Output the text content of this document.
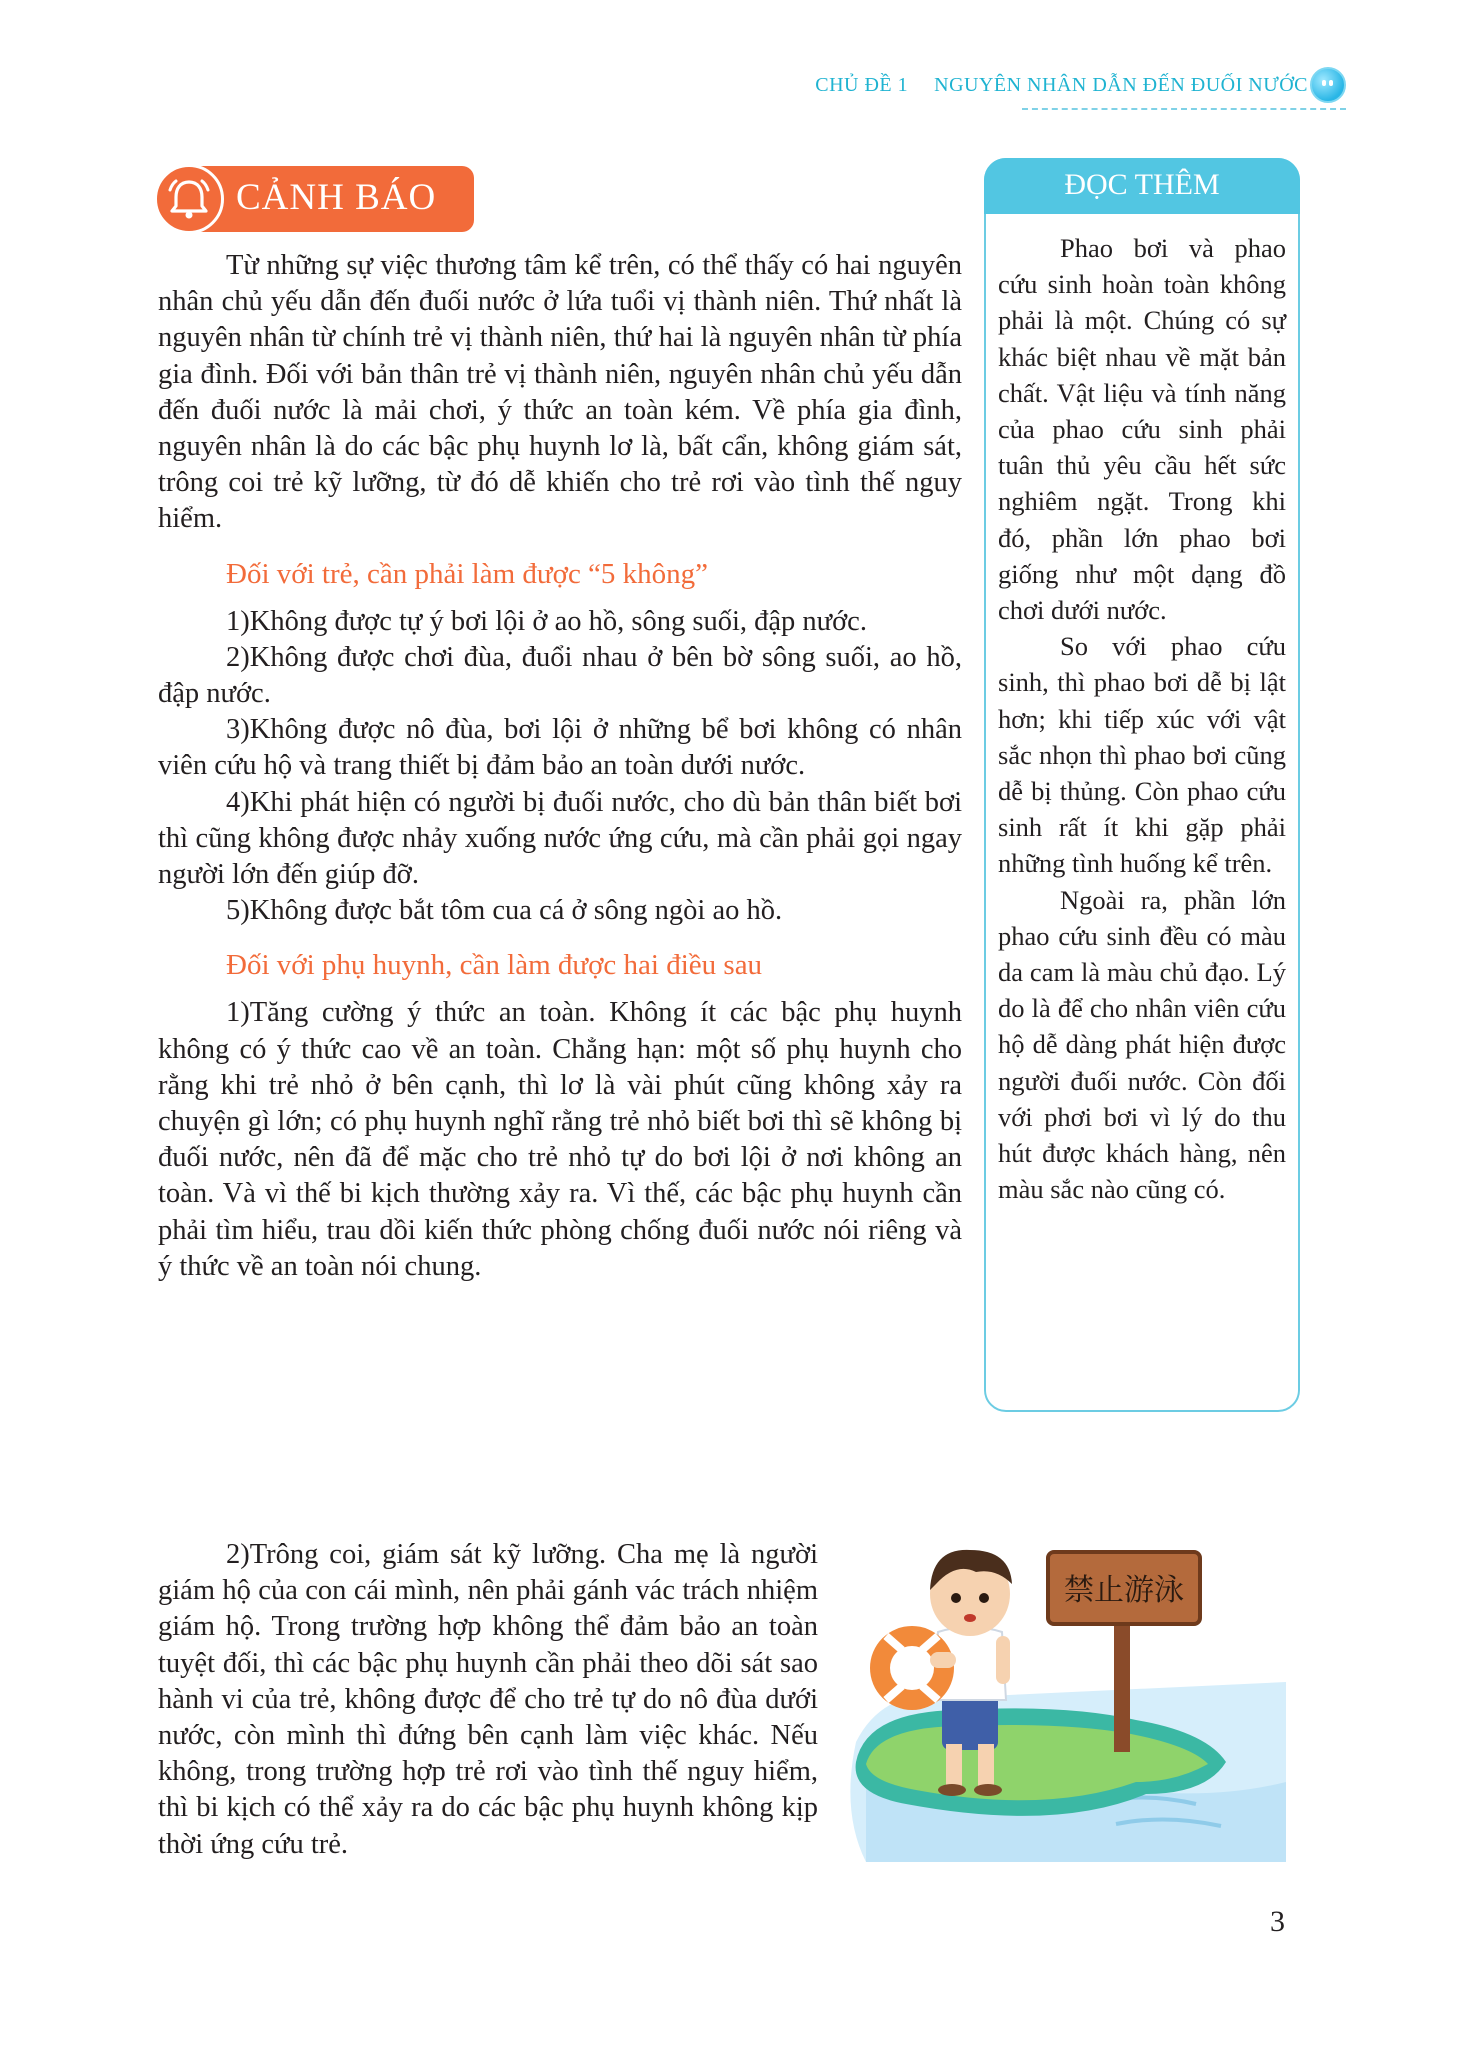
CHỦ ĐỀ 1 NGUYÊN NHÂN DẪN ĐẾN ĐUỐI NƯỚC
CẢNH BÁO

Từ những sự việc thương tâm kể trên, có thể thấy có hai nguyên nhân chủ yếu dẫn đến đuối nước ở lứa tuổi vị thành niên. Thứ nhất là nguyên nhân từ chính trẻ vị thành niên, thứ hai là nguyên nhân từ phía gia đình. Đối với bản thân trẻ vị thành niên, nguyên nhân chủ yếu dẫn đến đuối nước là mải chơi, ý thức an toàn kém. Về phía gia đình, nguyên nhân là do các bậc phụ huynh lơ là, bất cẩn, không giám sát, trông coi trẻ kỹ lưỡng, từ đó dễ khiến cho trẻ rơi vào tình thế nguy hiểm.

Đối với trẻ, cần phải làm được “5 không”

1)Không được tự ý bơi lội ở ao hồ, sông suối, đập nước.

2)Không được chơi đùa, đuổi nhau ở bên bờ sông suối, ao hồ, đập nước.

3)Không được nô đùa, bơi lội ở những bể bơi không có nhân viên cứu hộ và trang thiết bị đảm bảo an toàn dưới nước.

4)Khi phát hiện có người bị đuối nước, cho dù bản thân biết bơi thì cũng không được nhảy xuống nước ứng cứu, mà cần phải gọi ngay người lớn đến giúp đỡ.

5)Không được bắt tôm cua cá ở sông ngòi ao hồ.

Đối với phụ huynh, cần làm được hai điều sau

1)Tăng cường ý thức an toàn. Không ít các bậc phụ huynh không có ý thức cao về an toàn. Chẳng hạn: một số phụ huynh cho rằng khi trẻ nhỏ ở bên cạnh, thì lơ là vài phút cũng không xảy ra chuyện gì lớn; có phụ huynh nghĩ rằng trẻ nhỏ biết bơi thì sẽ không bị đuối nước, nên đã để mặc cho trẻ nhỏ tự do bơi lội ở nơi không an toàn. Và vì thế bi kịch thường xảy ra. Vì thế, các bậc phụ huynh cần phải tìm hiểu, trau dồi kiến thức phòng chống đuối nước nói riêng và ý thức về an toàn nói chung.

2)Trông coi, giám sát kỹ lưỡng. Cha mẹ là người giám hộ của con cái mình, nên phải gánh vác trách nhiệm giám hộ. Trong trường hợp không thể đảm bảo an toàn tuyệt đối, thì các bậc phụ huynh cần phải theo dõi sát sao hành vi của trẻ, không được để cho trẻ tự do nô đùa dưới nước, còn mình thì đứng bên cạnh làm việc khác. Nếu không, trong trường hợp trẻ rơi vào tình thế nguy hiểm, thì bi kịch có thể xảy ra do các bậc phụ huynh không kịp thời ứng cứu trẻ.

ĐỌC THÊM

Phao bơi và phao cứu sinh hoàn toàn không phải là một. Chúng có sự khác biệt nhau về mặt bản chất. Vật liệu và tính năng của phao cứu sinh phải tuân thủ yêu cầu hết sức nghiêm ngặt. Trong khi đó, phần lớn phao bơi giống như một dạng đồ chơi dưới nước.

So với phao cứu sinh, thì phao bơi dễ bị lật hơn; khi tiếp xúc với vật sắc nhọn thì phao bơi cũng dễ bị thủng. Còn phao cứu sinh rất ít khi gặp phải những tình huống kể trên.

Ngoài ra, phần lớn phao cứu sinh đều có màu da cam là màu chủ đạo. Lý do là để cho nhân viên cứu hộ dễ dàng phát hiện được người đuối nước. Còn đối với phơi bơi vì lý do thu hút được khách hàng, nên màu sắc nào cũng có.

禁止游泳
3
